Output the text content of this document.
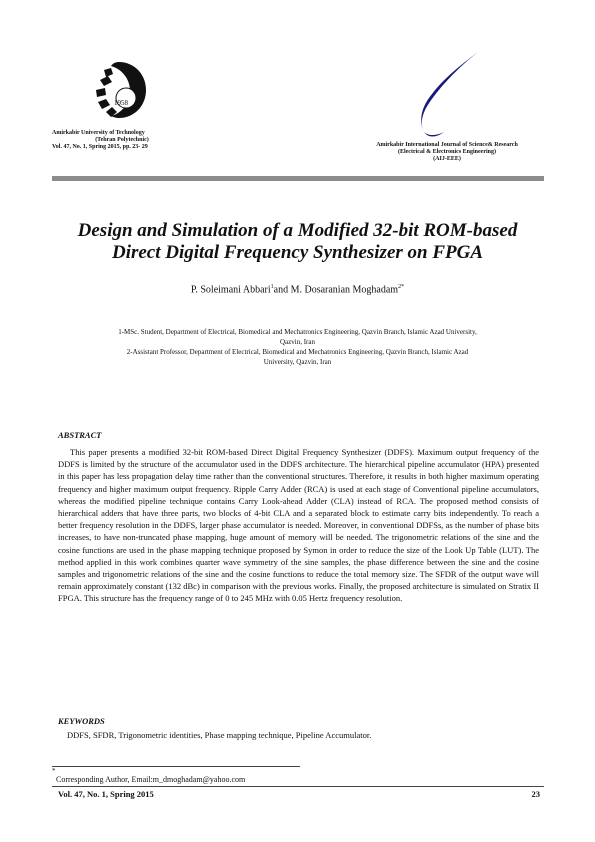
1958
Amirkabir University of Technology

(Tehran Polytechnic)
Vol. 47, No. 1, Spring 2015, pp. 23- 29	Amirkabir International Journal of Science& Research
(Electrical & Electronics Engineering)
(AIJ-EEE)
Design and Simulation of a Modified 32-bit ROM-based
Direct Digital Frequency Synthesizer on FPGA
P. Soleimani Abbari$^1$and M. Dosaranian Moghadam$^{2*}$
1-MSc. Student, Department of Electrical, Biomedical and Mechatronics Engineering, Qazvin Branch, Islamic Azad University,
Qazvin, Iran
2-Assistant Professor, Department of Electrical, Biomedical and Mechatronics Engineering, Qazvin Branch, Islamic Azad
University, Qazvin, Iran
ABSTRACT
This paper presents a modified 32-bit ROM-based Direct Digital Frequency Synthesizer (DDFS). Maximum output frequency of the DDFS is limited by the structure of the accumulator used in the DDFS architecture. The hierarchical pipeline accumulator (HPA) presented in this paper has less propagation delay time rather than the conventional structures. Therefore, it results in both higher maximum operating frequency and higher maximum output frequency. Ripple Carry Adder (RCA) is used at each stage of Conventional pipeline accumulators, whereas the modified pipeline technique contains Carry Look-ahead Adder (CLA) instead of RCA. The proposed method consists of hierarchical adders that have three parts, two blocks of 4-bit CLA and a separated block to estimate carry bits independently. To reach a better frequency resolution in the DDFS, larger phase accumulator is needed. Moreover, in conventional DDFSs, as the number of phase bits increases, to have non-truncated phase mapping, huge amount of memory will be needed. The trigonometric relations of the sine and the cosine functions are used in the phase mapping technique proposed by Symon in order to reduce the size of the Look Up Table (LUT). The method applied in this work combines quarter wave symmetry of the sine samples, the phase difference between the sine and the cosine samples and trigonometric relations of the sine and the cosine functions to reduce the total memory size. The SFDR of the output wave will remain approximately constant (132 dBc) in comparison with the previous works. Finally, the proposed architecture is simulated on Stratix II FPGA. This structure has the frequency range of 0 to 245 MHz with 0.05 Hertz frequency resolution.
KEYWORDS
DDFS, SFDR, Trigonometric identities, Phase mapping technique, Pipeline Accumulator.
*
Corresponding Author, Email:m_dmoghadam@yahoo.com
Vol. 47, No. 1, Spring 2015	23
